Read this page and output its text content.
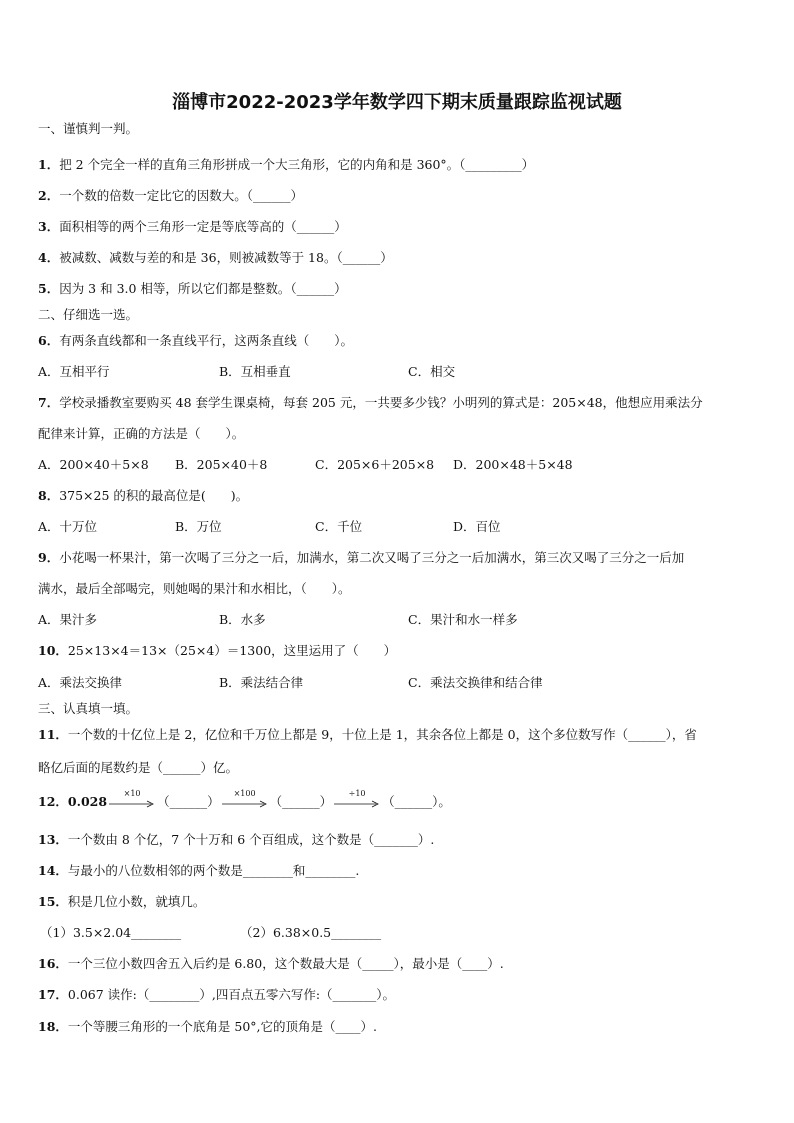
淄博市2022-2023学年数学四下期末质量跟踪监视试题
一、谨慎判一判。
1．把 2 个完全一样的直角三角形拼成一个大三角形，它的内角和是 360°。（_________）
2．一个数的倍数一定比它的因数大。（______）
3．面积相等的两个三角形一定是等底等高的（______）
4．被减数、减数与差的和是 36，则被减数等于 18。（______）
5．因为 3 和 3.0 相等，所以它们都是整数。（______）
二、仔细选一选。
6．有两条直线都和一条直线平行，这两条直线（　　）。
A．互相平行	B．互相垂直	C．相交
7．学校录播教室要购买 48 套学生课桌椅，每套 205 元，一共要多少钱？小明列的算式是：205×48，他想应用乘法分
配律来计算，正确的方法是（　　）。
A．200×40＋5×8 B．205×40＋8	C．205×6＋205×8 D．200×48＋5×48
8．375×25 的积的最高位是(　　)。
A．十万位	B．万位	C．千位	D．百位
9．小花喝一杯果汁，第一次喝了三分之一后，加满水，第二次又喝了三分之一后加满水，第三次又喝了三分之一后加
满水，最后全部喝完，则她喝的果汁和水相比，（　　）。
A．果汁多	B．水多	C．果汁和水一样多
10．25×13×4＝13×（25×4）＝1300，这里运用了（　　）
A．乘法交换律	B．乘法结合律	C．乘法交换律和结合律
三、认真填一填。
11．一个数的十亿位上是 2，亿位和千万位上都是 9，十位上是 1，其余各位上都是 0，这个多位数写作（______），省
略亿后面的尾数约是（______）亿。
12．0.028
×10
（______）
×100
（______）
÷10
（______）。
13．一个数由 8 个亿，7 个十万和 6 个百组成，这个数是（_______）.
14．与最小的八位数相邻的两个数是________和________.
15．积是几位小数，就填几。
（1）3.5×2.04________	（2）6.38×0.5________
16．一个三位小数四舍五入后约是 6.80，这个数最大是（_____），最小是（____）.
17．0.067 读作:（________）,四百点五零六写作:（_______）。
18．一个等腰三角形的一个底角是 50°,它的顶角是（____）.
